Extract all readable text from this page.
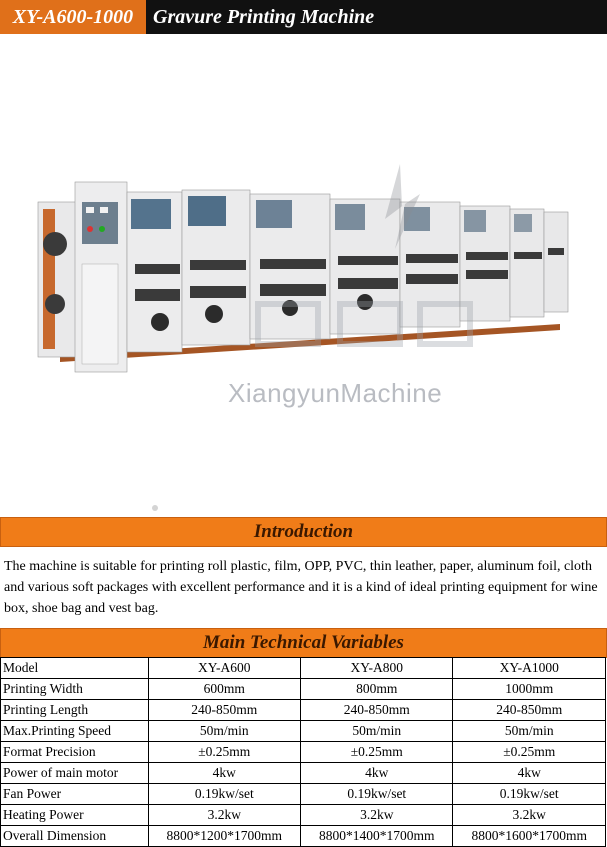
XY-A600-1000 Gravure Printing Machine
XiangyunMachine
Introduction
The machine is suitable for printing roll plastic, film, OPP, PVC, thin leather, paper, aluminum foil, cloth and various soft packages with excellent performance and it is a kind of ideal printing equipment for wine box, shoe bag and vest bag.
Main Technical Variables
Model	XY-A600	XY-A800	XY-A1000
Printing Width	600mm	800mm	1000mm
Printing Length	240-850mm	240-850mm	240-850mm
Max.Printing Speed	50m/min	50m/min	50m/min
Format Precision	±0.25mm	±0.25mm	±0.25mm
Power of main motor	4kw	4kw	4kw
Fan Power	0.19kw/set	0.19kw/set	0.19kw/set
Heating Power	3.2kw	3.2kw	3.2kw
Overall Dimension	8800*1200*1700mm	8800*1400*1700mm	8800*1600*1700mm
